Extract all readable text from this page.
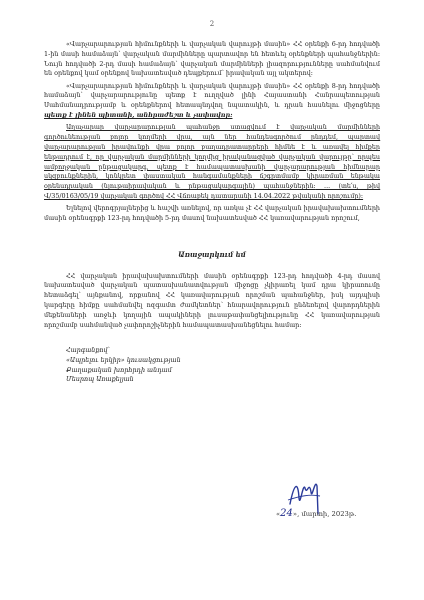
2

«Վարչարարության հիմունքների և վարչական վարույթի մասին» ՀՀ օրենքի 6-րդ հոդվածի 1-ին մասի համաձայն՝ վարչական մարմինները պարտավոր են հետևել օրենքների պահանջներին: Նույն հոդվածի 2-րդ մասի համաձայն՝ վարչական մարմինների լիազորությունները սահմանվում են օրենքով կամ օրենքով նախատեսված դեպքերում՝ իրավական այլ ակտերով:

«Վարչարարության հիմունքների և վարչական վարույթի մասին» ՀՀ օրենքի 8-րդ հոդվածի համաձայն՝ վարչարարությունը պետք է ուղղված լինի Հայաստանի Հանրապետության Սահմանադրությամբ և օրենքներով հետապնդվող նպատակին, և դրան հասնելու միջոցները պետք է լինեն պիտանի, անհրաժեշտ և չափավոր:

Աղաչարար վարչարարության պահանջը ստացվում է վարչական մարմինների գործունեության բոլոր կողմերի վրա, այն ներ հանդեսգործում ընդդեմ, պարտավ վարչարարության իրավունքի վրա բոլոր բաղադրատարրերի հիմնե է և առավել հիմքեր ենթադրում է, որ վարչական մարմինների կողմից իրականացված վարչական վարույթը՝ որպես ամբողջական ընթացակարգ, պետք է համապատասխանի վարչարարության հիմնարար սկզբունքներին, կոնկրետ փաստական հանգամանքների ճշգրտմամբ կիրառման ենթակա օրենսդրական (նյութաիրավական և ընթացակարգային) պահանջներին: ... (տե՛ս, թիվ Վ/35/0163/05/19 վարչական գործով ՀՀ Վճռաբեկ դատարանի 14.04.2022 թվականի որոշումը):

Ելնելով վերոգրյալներից և հաշվի առնելով, որ առկա չէ ՀՀ վարչական իրավախախտումների մասին օրենսգրքի 123-րդ հոդվածի 5-րդ մասով նախատեսված ՀՀ կառավարության որոշում,

Առաջարկում եմ

ՀՀ վարչական իրավախախտումների մասին օրենսգրքի 123-րդ հոդվածի 4-րդ մասով նախատեսված վարչական պատասխանատվության միջոցը չկիրառել կամ դրա կիրառումը հետաձգել՝ այնքանով, որքանով ՀՀ կառավարության որոշման պահանջներ, իսկ այդպիսի կարգերը հիմքը սահմանվել ոզգամտ ժամկետներ՝ հնարավորություն ընձեռելով վարորդներին մեքենաների առջևի կողային ապակիների լուսաթափանցելիությունը ՀՀ կառավարության որոշմամբ սահմանված չափորոշիչներին համապատասխանեցնելու համար:

Հարգանքով՝
«Ապրելու երկիր» կուսակցության
Քաղաքական խորհրդի անդամ
Մեսրոպ Առաքելյան
«24», մարտի, 2023թ.
